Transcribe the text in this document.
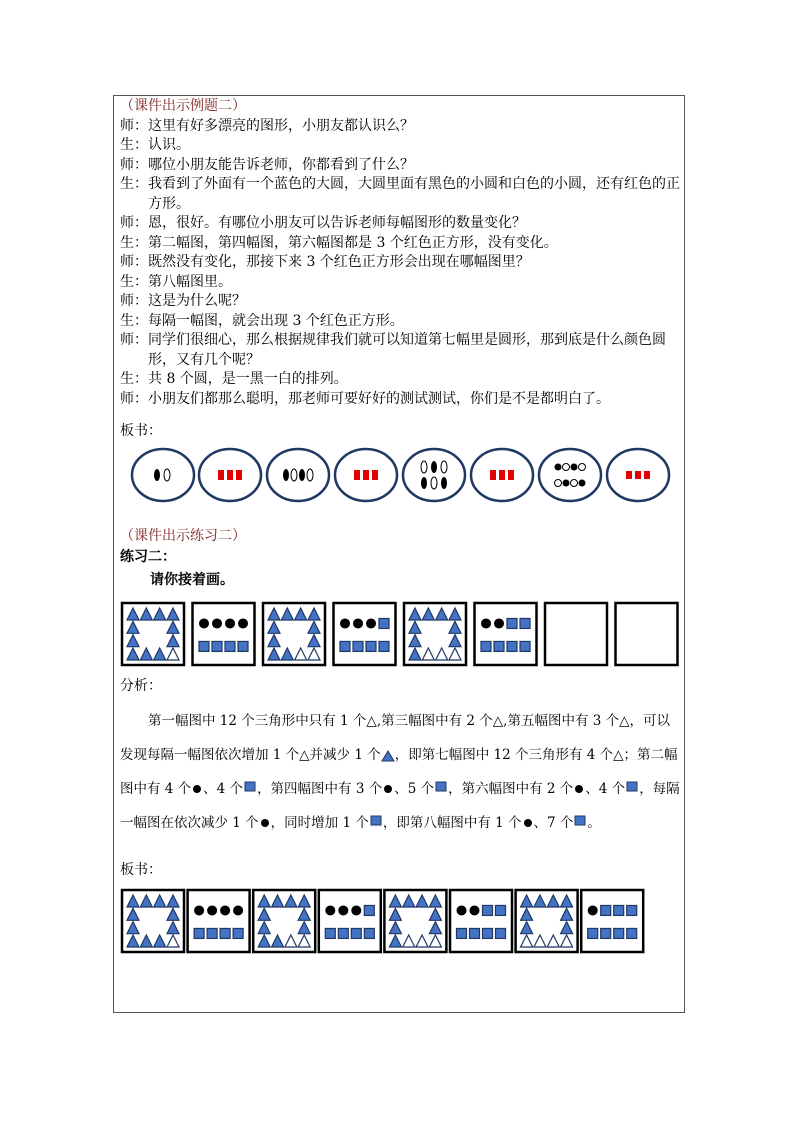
（课件出示例题二）
师：这里有好多漂亮的图形，小朋友都认识么？
生：认识。
师：哪位小朋友能告诉老师，你都看到了什么？
生：我看到了外面有一个蓝色的大圆，大圆里面有黑色的小圆和白色的小圆，还有红色的正方形。
师：恩，很好。有哪位小朋友可以告诉老师每幅图形的数量变化？
生：第二幅图，第四幅图，第六幅图都是 3 个红色正方形，没有变化。
师：既然没有变化，那接下来 3 个红色正方形会出现在哪幅图里？
生：第八幅图里。
师：这是为什么呢？
生：每隔一幅图，就会出现 3 个红色正方形。
师：同学们很细心，那么根据规律我们就可以知道第七幅里是圆形，那到底是什么颜色圆形，又有几个呢？
生：共 8 个圆，是一黑一白的排列。
师：小朋友们都那么聪明，那老师可要好好的测试测试，你们是不是都明白了。
板书：
（课件出示练习二）
练习二：
请你接着画。
分析：

第一幅图中 12 个三角形中只有 1 个△,第三幅图中有 2 个△,第五幅图中有 3 个△，可以发现每隔一幅图依次增加 1 个△并减少 1 个 ，即第七幅图中 12 个三角形有 4 个△；第二幅图中有 4 个 、4 个 ，第四幅图中有 3 个 、5 个 ，第六幅图中有 2 个 、4 个 ，每隔一幅图在依次减少 1 个 ，同时增加 1 个 ，即第八幅图中有 1 个 、7 个 。

板书：
